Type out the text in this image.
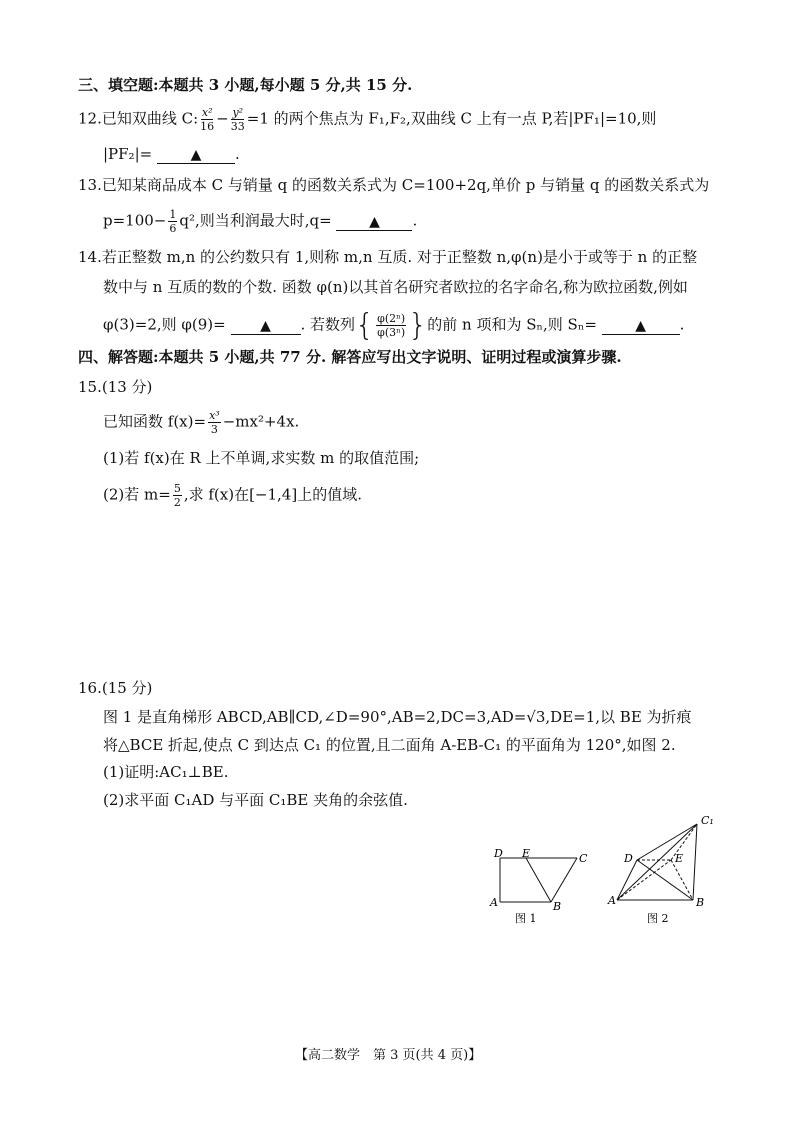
三、填空题:本题共 3 小题,每小题 5 分,共 15 分.
12.已知双曲线 C: $\frac{\text{x²}}{16} - \frac{\text{y²}}{33} =1$ 的两个焦点为 F₁,F₂,双曲线 C 上有一点 P,若|PF₁|=10,则
|PF₂|=	▲ .
13.已知某商品成本 C 与销量 q 的函数关系式为 C=100+2q,单价 p 与销量 q 的函数关系式为
$p=100- \frac{1}{6} q^2$,则当利润最大时,q=	▲ .
14.若正整数 m,n 的公约数只有 1,则称 m,n 互质. 对于正整数 n,φ(n)是小于或等于 n 的正整
数中与 n 互质的数的个数. 函数 φ(n)以其首名研究者欧拉的名字命名,称为欧拉函数,例如
φ(3)=2,则 φ(9)= ▲ . 若数列{ $\frac{\text{φ(2ⁿ)}}{\text{φ(3ⁿ)}}$ }的前 n 项和为 Sₙ,则 Sₙ=	▲ .
四、解答题:本题共 5 小题,共 77 分. 解答应写出文字说明、证明过程或演算步骤.
15.(13 分)
已知函数 $f(x)= \frac{\text{x³}}{3} -mx^2+4x$.
(1)若 f(x)在 R 上不单调,求实数 m 的取值范围;
(2)若 $m= \frac{5}{2}$ ,求 f(x)在[−1,4]上的值域.
16.(15 分)
图 1 是直角梯形 ABCD,AB∥CD,∠D=90°,AB=2,DC=3,AD=√3,DE=1,以 BE 为折痕
将△BCE 折起,使点 C 到达点 C₁ 的位置,且二面角 A-EB-C₁ 的平面角为 120°,如图 2.
(1)证明:AC₁⊥BE.
(2)求平面 C₁AD 与平面 C₁BE 夹角的余弦值.
D E	C
A	B
图 1
C₁
D	E
A	B
图 2
【高二数学　第 3 页(共 4 页)】
